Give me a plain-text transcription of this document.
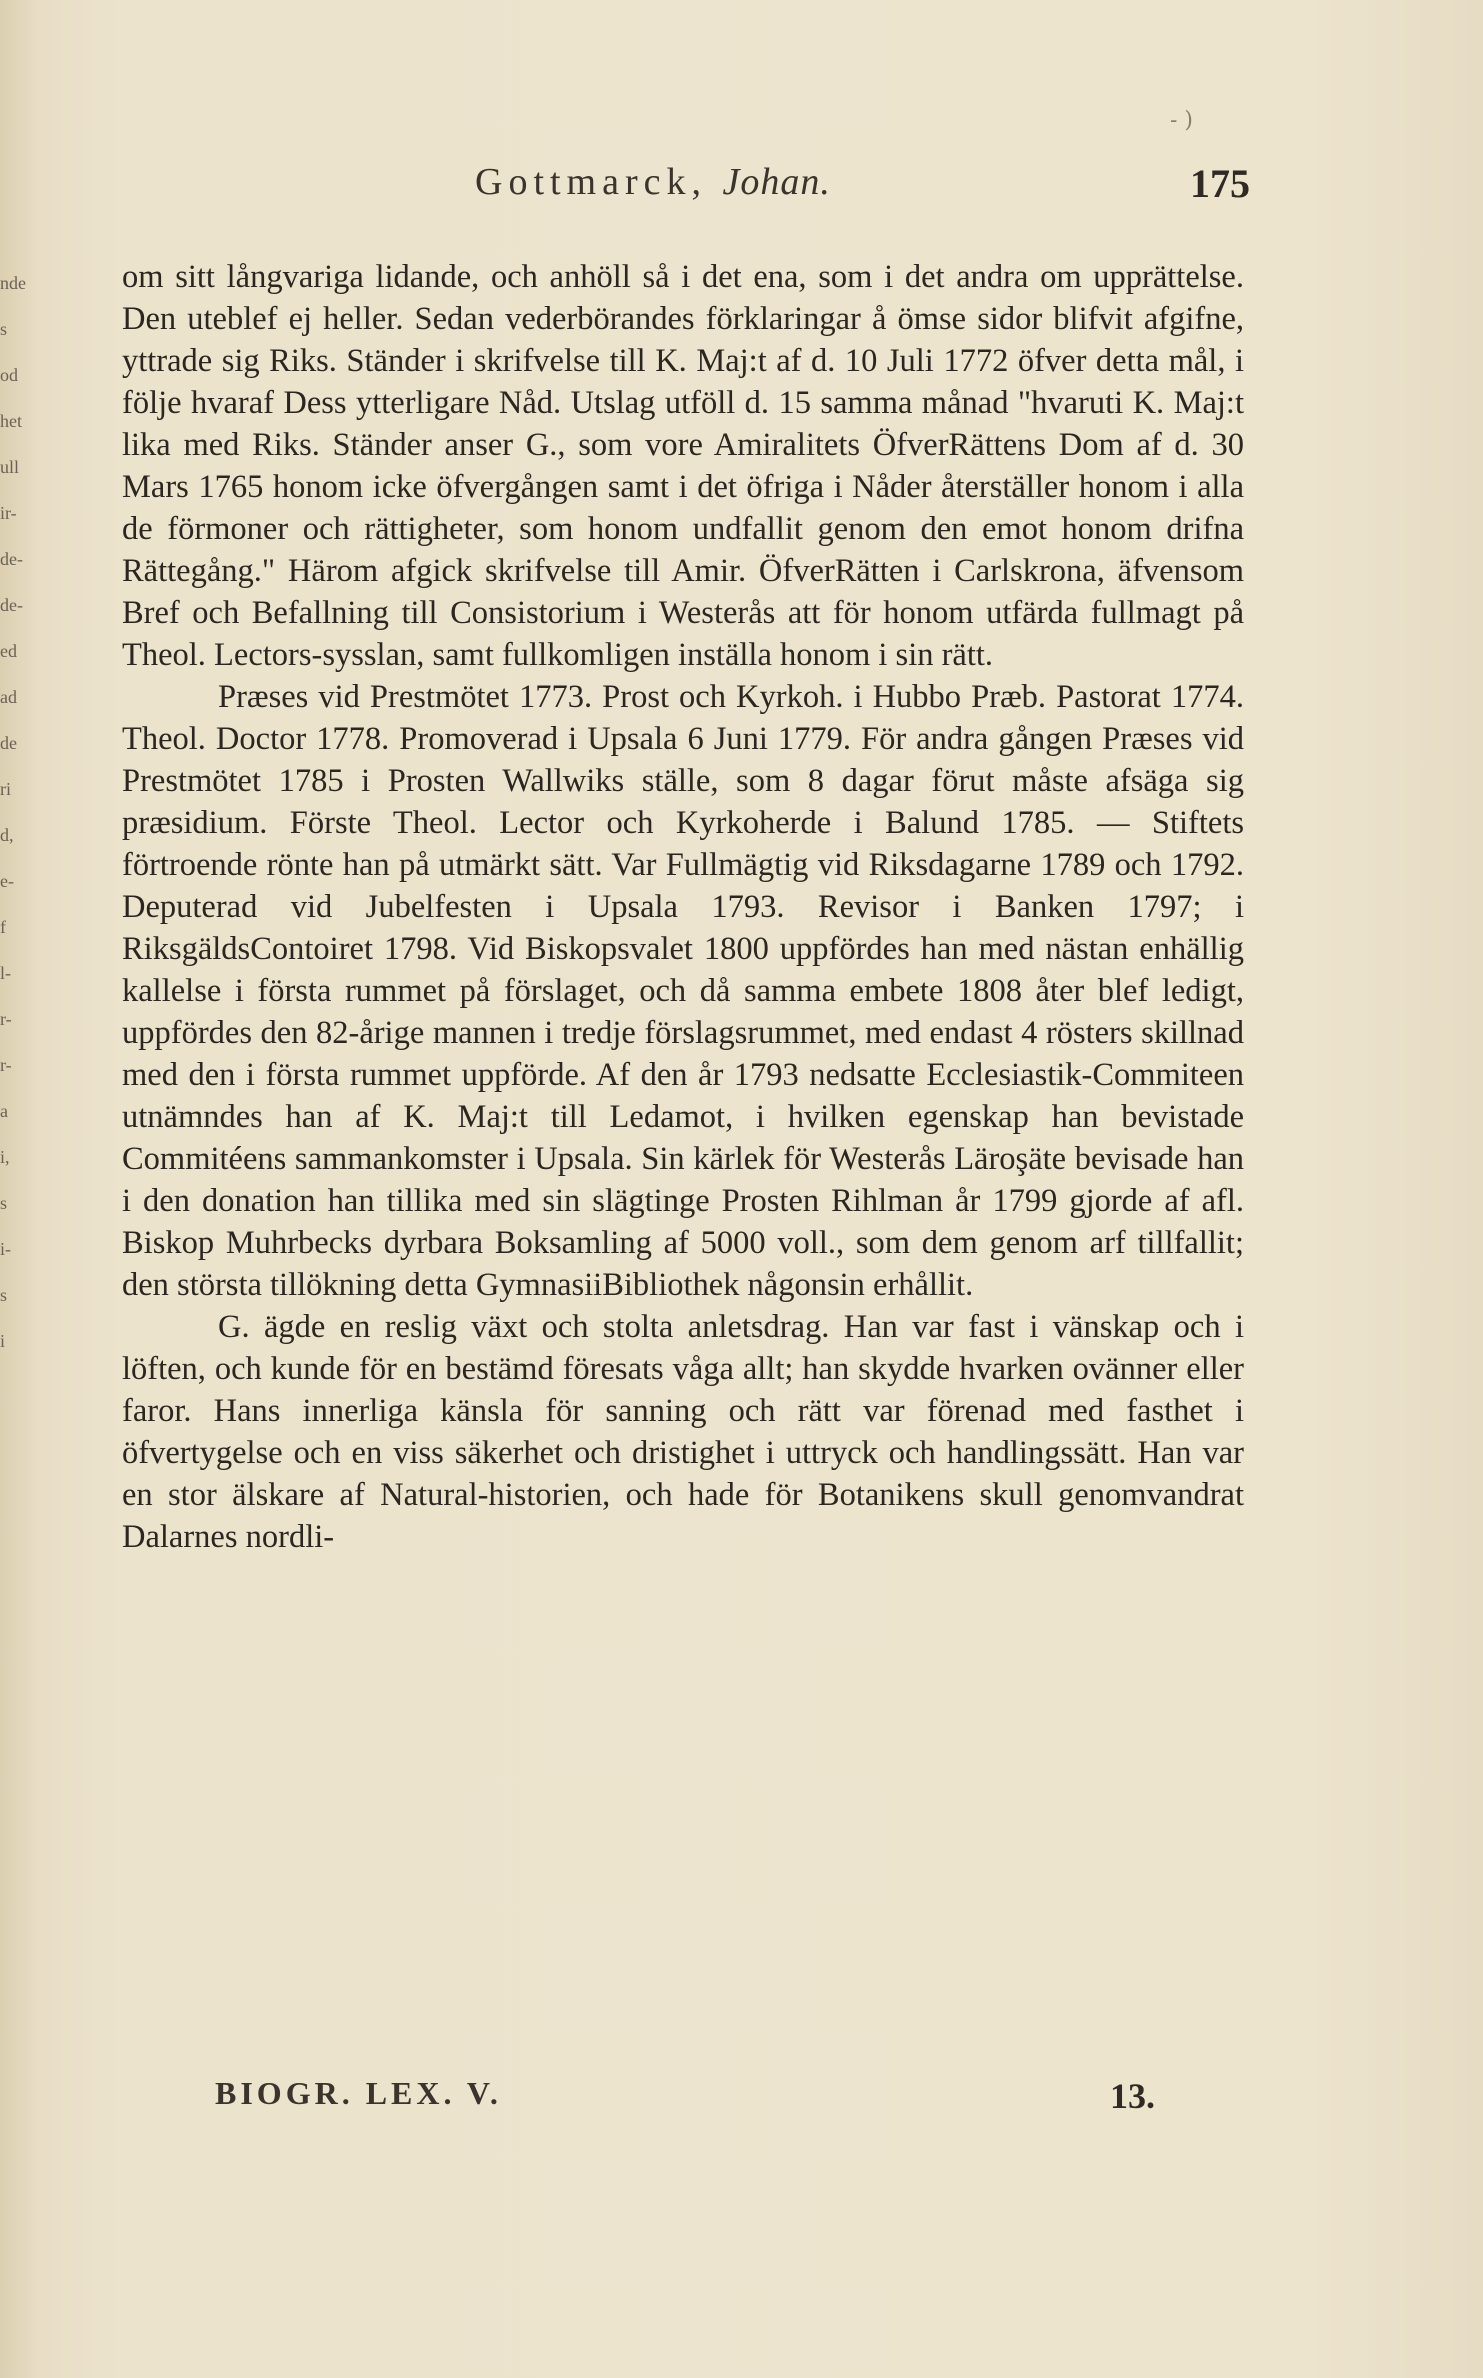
nde
s
od
het
ull
ir-
de-
de-
ed
ad
de
ri
d,
e-
f
l-
r-
r-
a
i,
s
i-
s
i
- )
Gottmarck, Johan.	175

om sitt långvariga lidande, och anhöll så i det ena, som i det andra om upprättelse. Den uteblef ej heller. Sedan vederbörandes förklaringar å ömse sidor blifvit afgifne, yttrade sig Riks. Ständer i skrifvelse till K. Maj:t af d. 10 Juli 1772 öfver detta mål, i följe hvaraf Dess ytterligare Nåd. Utslag utföll d. 15 samma månad "hvaruti K. Maj:t lika med Riks. Ständer anser G., som vore Amiralitets ÖfverRättens Dom af d. 30 Mars 1765 honom icke öfvergången samt i det öfriga i Nåder återställer honom i alla de förmoner och rättigheter, som honom undfallit genom den emot honom drifna Rättegång." Härom afgick skrifvelse till Amir. ÖfverRätten i Carlskrona, äfvensom Bref och Befallning till Consistorium i Westerås att för honom utfärda fullmagt på Theol. Lectors-sysslan, samt fullkomligen inställa honom i sin rätt.

Præses vid Prestmötet 1773. Prost och Kyrkoh. i Hubbo Præb. Pastorat 1774. Theol. Doctor 1778. Promoverad i Upsala 6 Juni 1779. För andra gången Præses vid Prestmötet 1785 i Prosten Wallwiks ställe, som 8 dagar förut måste afsäga sig præsidium. Förste Theol. Lector och Kyrkoherde i Balund 1785. — Stiftets förtroende rönte han på utmärkt sätt. Var Fullmägtig vid Riksdagarne 1789 och 1792. Deputerad vid Jubelfesten i Upsala 1793. Revisor i Banken 1797; i RiksgäldsContoiret 1798. Vid Biskopsvalet 1800 uppfördes han med nästan enhällig kallelse i första rummet på förslaget, och då samma embete 1808 åter blef ledigt, uppfördes den 82-årige mannen i tredje förslagsrummet, med endast 4 rösters skillnad med den i första rummet uppförde. Af den år 1793 nedsatte Ecclesiastik-Commiteen utnämndes han af K. Maj:t till Ledamot, i hvilken egenskap han bevistade Commitéens sammankomster i Upsala. Sin kärlek för Westerås Läroşäte bevisade han i den donation han tillika med sin slägtinge Prosten Rihlman år 1799 gjorde af afl. Biskop Muhrbecks dyrbara Boksamling af 5000 voll., som dem genom arf tillfallit; den största tillökning detta GymnasiiBibliothek någonsin erhållit.

G. ägde en reslig växt och stolta anletsdrag. Han var fast i vänskap och i löften, och kunde för en bestämd föresats våga allt; han skydde hvarken ovänner eller faror. Hans innerliga känsla för sanning och rätt var förenad med fasthet i öfvertygelse och en viss säkerhet och dristighet i uttryck och handlingssätt. Han var en stor älskare af Natural-historien, och hade för Botanikens skull genomvandrat Dalarnes nordli-

BIOGR. LEX. V.	13.
